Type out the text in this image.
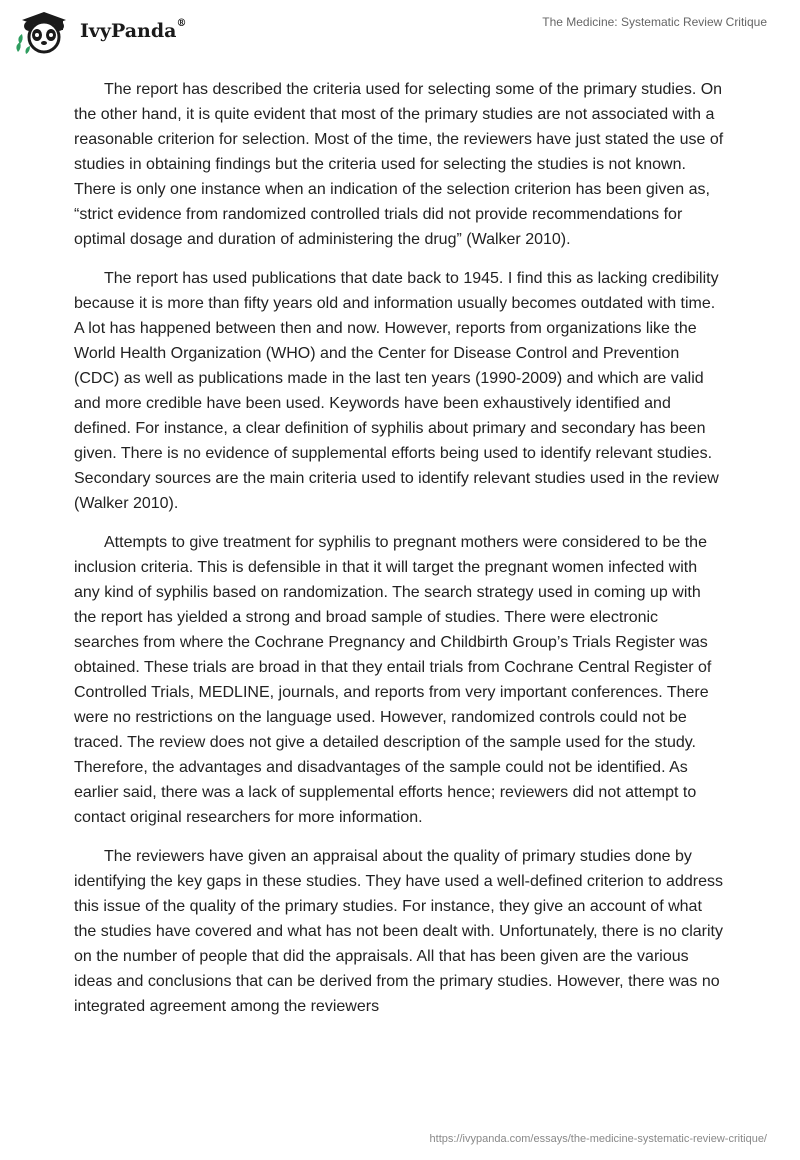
IvyPanda®	The Medicine: Systematic Review Critique

The report has described the criteria used for selecting some of the primary studies. On the other hand, it is quite evident that most of the primary studies are not associated with a reasonable criterion for selection. Most of the time, the reviewers have just stated the use of studies in obtaining findings but the criteria used for selecting the studies is not known. There is only one instance when an indication of the selection criterion has been given as, “strict evidence from randomized controlled trials did not provide recommendations for optimal dosage and duration of administering the drug” (Walker 2010).

The report has used publications that date back to 1945. I find this as lacking credibility because it is more than fifty years old and information usually becomes outdated with time. A lot has happened between then and now. However, reports from organizations like the World Health Organization (WHO) and the Center for Disease Control and Prevention (CDC) as well as publications made in the last ten years (1990-2009) and which are valid and more credible have been used. Keywords have been exhaustively identified and defined. For instance, a clear definition of syphilis about primary and secondary has been given. There is no evidence of supplemental efforts being used to identify relevant studies. Secondary sources are the main criteria used to identify relevant studies used in the review (Walker 2010).

Attempts to give treatment for syphilis to pregnant mothers were considered to be the inclusion criteria. This is defensible in that it will target the pregnant women infected with any kind of syphilis based on randomization. The search strategy used in coming up with the report has yielded a strong and broad sample of studies. There were electronic searches from where the Cochrane Pregnancy and Childbirth Group’s Trials Register was obtained. These trials are broad in that they entail trials from Cochrane Central Register of Controlled Trials, MEDLINE, journals, and reports from very important conferences. There were no restrictions on the language used. However, randomized controls could not be traced. The review does not give a detailed description of the sample used for the study. Therefore, the advantages and disadvantages of the sample could not be identified. As earlier said, there was a lack of supplemental efforts hence; reviewers did not attempt to contact original researchers for more information.

The reviewers have given an appraisal about the quality of primary studies done by identifying the key gaps in these studies. They have used a well-defined criterion to address this issue of the quality of the primary studies. For instance, they give an account of what the studies have covered and what has not been dealt with. Unfortunately, there is no clarity on the number of people that did the appraisals. All that has been given are the various ideas and conclusions that can be derived from the primary studies. However, there was no integrated agreement among the reviewers

https://ivypanda.com/essays/the-medicine-systematic-review-critique/
